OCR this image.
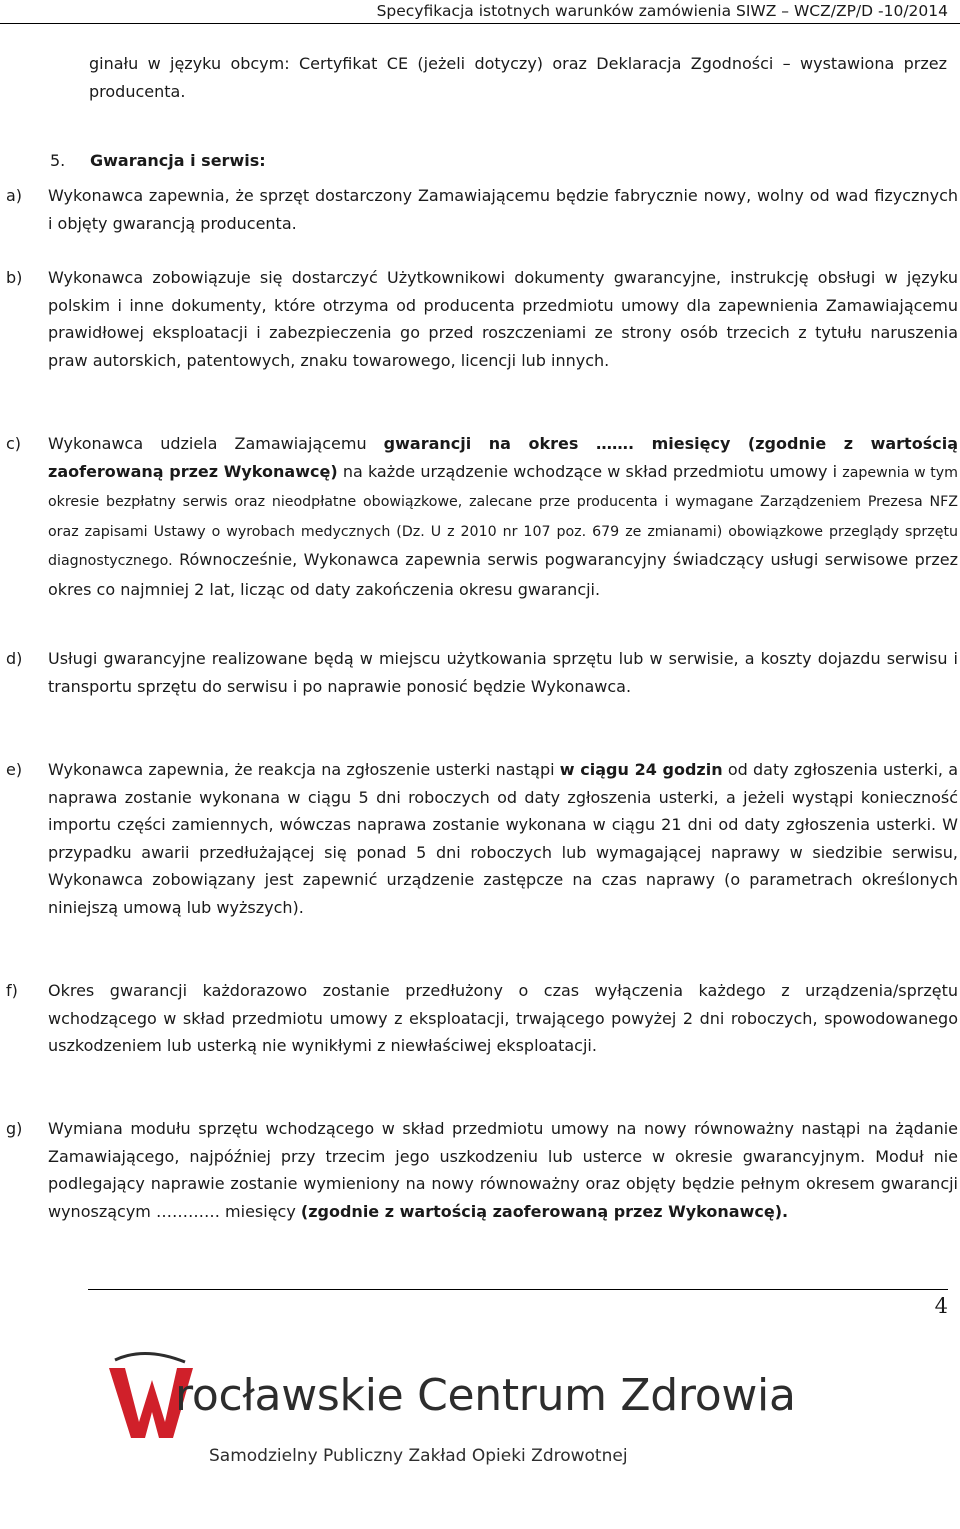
Specyfikacja istotnych warunków zamówienia SIWZ – WCZ/ZP/D -10/2014

ginału w języku obcym: Certyfikat CE (jeżeli dotyczy) oraz Deklaracja Zgodności – wystawiona przez producenta.

5. Gwarancja i serwis:
a)	Wykonawca zapewnia, że sprzęt dostarczony Zamawiającemu będzie fabrycznie nowy, wolny od wad fizycznych i objęty gwarancją producenta.
b)	Wykonawca zobowiązuje się dostarczyć Użytkownikowi dokumenty gwarancyjne, instrukcję obsługi w języku polskim i inne dokumenty, które otrzyma od producenta przedmiotu umowy dla zapewnienia Zamawiającemu prawidłowej eksploatacji i zabezpieczenia go przed roszczeniami ze strony osób trzecich z tytułu naruszenia praw autorskich, patentowych, znaku towarowego, licencji lub innych.
c)	Wykonawca udziela Zamawiającemu gwarancji na okres ……. miesięcy (zgodnie z wartością zaoferowaną przez Wykonawcę) na każde urządzenie wchodzące w skład przedmiotu umowy i zapewnia w tym okresie bezpłatny serwis oraz nieodpłatne obowiązkowe, zalecane prze producenta i wymagane Zarządzeniem Prezesa NFZ oraz zapisami Ustawy o wyrobach medycznych (Dz. U z 2010 nr 107 poz. 679 ze zmianami) obowiązkowe przeglądy sprzętu diagnostycznego. Równocześnie, Wykonawca zapewnia serwis pogwarancyjny świadczący usługi serwisowe przez okres co najmniej 2 lat, licząc od daty zakończenia okresu gwarancji.
d)	Usługi gwarancyjne realizowane będą w miejscu użytkowania sprzętu lub w serwisie, a koszty dojazdu serwisu i transportu sprzętu do serwisu i po naprawie ponosić będzie Wykonawca.
e)	Wykonawca zapewnia, że reakcja na zgłoszenie usterki nastąpi w ciągu 24 godzin od daty zgłoszenia usterki, a naprawa zostanie wykonana w ciągu 5 dni roboczych od daty zgłoszenia usterki, a jeżeli wystąpi konieczność importu części zamiennych, wówczas naprawa zostanie wykonana w ciągu 21 dni od daty zgłoszenia usterki. W przypadku awarii przedłużającej się ponad 5 dni roboczych lub wymagającej naprawy w siedzibie serwisu, Wykonawca zobowiązany jest zapewnić urządzenie zastępcze na czas naprawy (o parametrach określonych niniejszą umową lub wyższych).
f)	Okres gwarancji każdorazowo zostanie przedłużony o czas wyłączenia każdego z urządzenia/sprzętu wchodzącego w skład przedmiotu umowy z eksploatacji, trwającego powyżej 2 dni roboczych, spowodowanego uszkodzeniem lub usterką nie wynikłymi z niewłaściwej eksploatacji.
g)	Wymiana modułu sprzętu wchodzącego w skład przedmiotu umowy na nowy równoważny nastąpi na żądanie Zamawiającego, najpóźniej przy trzecim jego uszkodzeniu lub usterce w okresie gwarancyjnym. Moduł nie podlegający naprawie zostanie wymieniony na nowy równoważny oraz objęty będzie pełnym okresem gwarancji wynoszącym ………… miesięcy (zgodnie z wartością zaoferowaną przez Wykonawcę).
4
rocławskie Centrum Zdrowia
Samodzielny Publiczny Zakład Opieki Zdrowotnej
